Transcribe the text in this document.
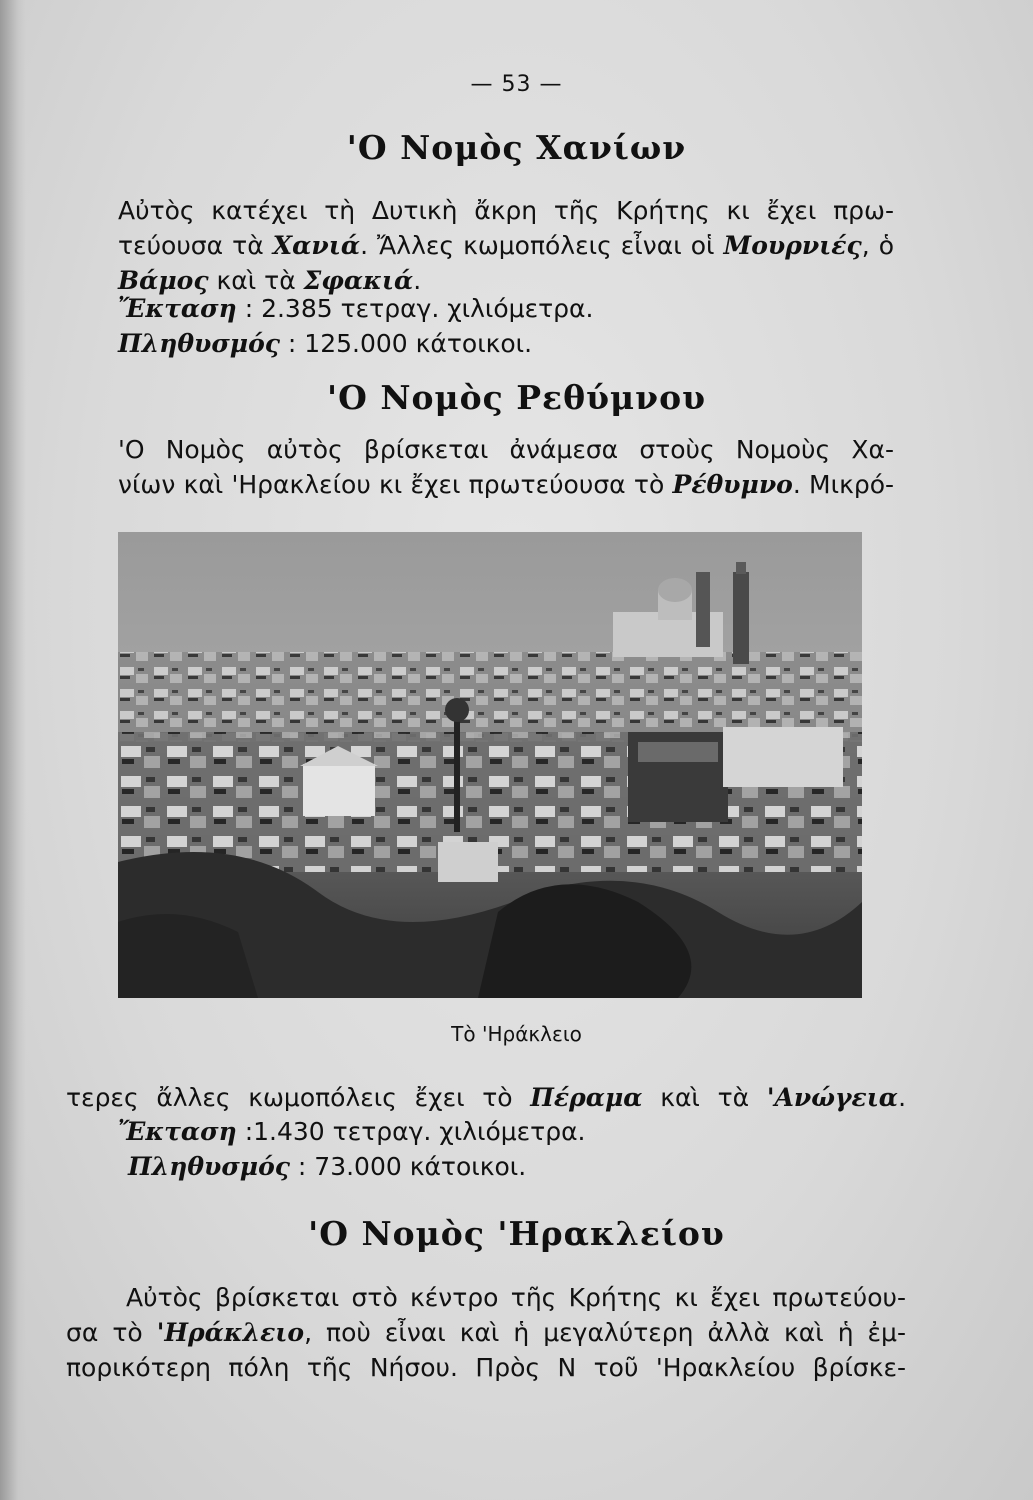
— 53 —
'Ο Νομὸς Χανίων
Αὐτὸς κατέχει τὴ Δυτικὴ ἄκρη τῆς Κρήτης κι ἔχει πρω-
τεύουσα τὰ Χανιά. Ἄλλες κωμοπόλεις εἶναι οἱ Μουρνιές, ὁ
Βάμος καὶ τὰ Σφακιά.
Ἔκταση : 2.385 τετραγ. χιλιόμετρα.
Πληθυσμός : 125.000 κάτοικοι.
'Ο Νομὸς Ρεθύμνου
'Ο Νομὸς αὐτὸς βρίσκεται ἀνάμεσα στοὺς Νομοὺς Χα-
νίων καὶ 'Ηρακλείου κι ἔχει πρωτεύουσα τὸ Ρέθυμνο. Μικρό-
Τὸ 'Ηράκλειο
τερες ἄλλες κωμοπόλεις ἔχει τὸ Πέραμα καὶ τὰ 'Ανώγεια.
Ἔκταση :1.430 τετραγ. χιλιόμετρα.
Πληθυσμός : 73.000 κάτοικοι.
'Ο Νομὸς 'Ηρακλείου
Αὐτὸς βρίσκεται στὸ κέντρο τῆς Κρήτης κι ἔχει πρωτεύου-
σα τὸ 'Ηράκλειο, ποὺ εἶναι καὶ ἡ μεγαλύτερη ἀλλὰ καὶ ἡ ἐμ-
πορικότερη πόλη τῆς Νήσου. Πρὸς Ν τοῦ 'Ηρακλείου βρίσκε-
